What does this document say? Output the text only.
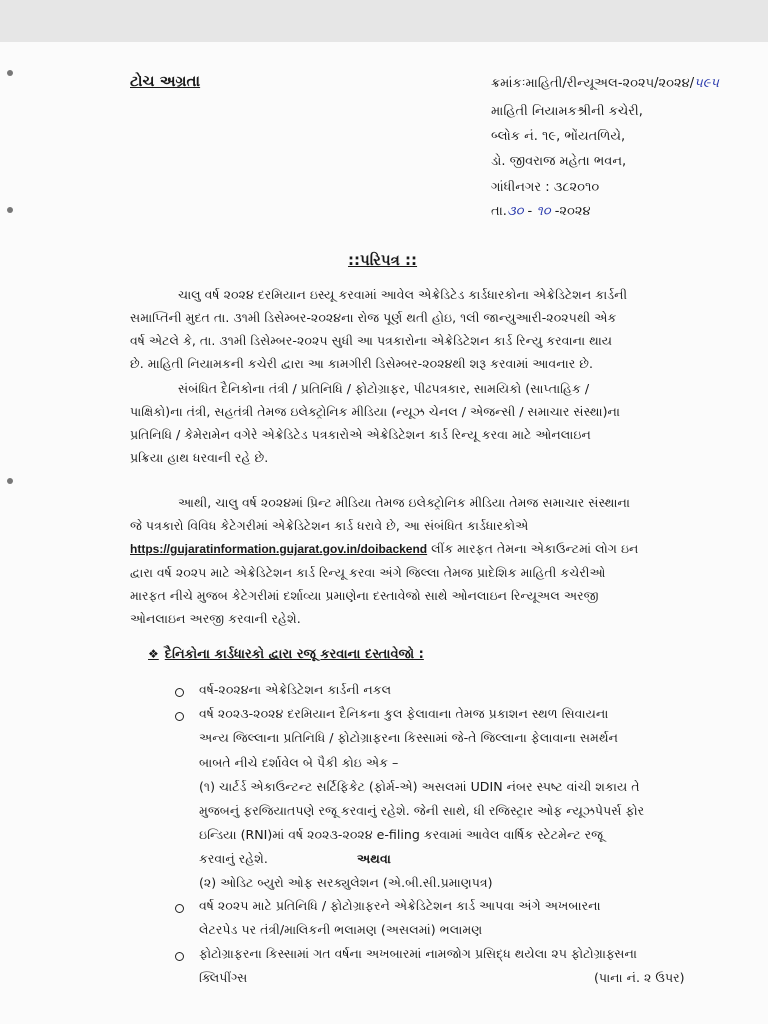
ટોચ અગ્રતા	ક્રમાંકઃમાહિતી/રીન્યૂઅલ-૨૦૨૫/૨૦૨૪/૫૯૫
માહિતી નિયામકશ્રીની કચેરી,
બ્લોક નં. ૧૯, ભોંયતળિયે,
ડો. જીવરાજ મહેતા ભવન,
ગાંધીનગર : ૩૮૨૦૧૦
તા.૩૦ - ૧૦ -૨૦૨૪
::પરિપત્ર ::
ચાલુ વર્ષ ૨૦૨૪ દરમિયાન ઇસ્યૂ કરવામાં આવેલ એક્રેડિટેડ કાર્ડધારકોના એક્રેડિટેશન કાર્ડની
સમાપ્તિની મુદત તા. ૩૧મી ડિસેમ્બર-૨૦૨૪ના રોજ પૂર્ણ થતી હોઇ, ૧લી જાન્યુઆરી-૨૦૨૫થી એક
વર્ષ એટલે કે, તા. ૩૧મી ડિસેમ્બર-૨૦૨૫ સુધી આ પત્રકારોના એક્રેડિટેશન કાર્ડ રિન્યુ કરવાના થાય
છે. માહિતી નિયામકની કચેરી દ્વારા આ કામગીરી ડિસેમ્બર-૨૦૨૪થી શરૂ કરવામાં આવનાર છે.
સંબંધિત દૈનિકોના તંત્રી / પ્રતિનિધિ / ફોટોગ્રાફર, પીઢપત્રકાર, સામયિકો (સાપ્તાહિક /
પાક્ષિકો)ના તંત્રી, સહતંત્રી તેમજ ઇલેક્ટ્રોનિક મીડિયા (ન્યૂઝ ચેનલ / એજન્સી / સમાચાર સંસ્થા)ના
પ્રતિનિધિ / કેમેરામેન વગેરે એક્રેડિટેડ પત્રકારોએ એક્રેડિટેશન કાર્ડ રિન્યૂ કરવા માટે ઓનલાઇન
પ્રક્રિયા હાથ ધરવાની રહે છે.
આથી, ચાલુ વર્ષ ૨૦૨૪માં પ્રિન્ટ મીડિયા તેમજ ઇલેક્ટ્રોનિક મીડિયા તેમજ સમાચાર સંસ્થાના
જે પત્રકારો વિવિધ કેટેગરીમાં એક્રેડિટેશન કાર્ડ ધરાવે છે, આ સંબંધિત કાર્ડધારકોએ
https://gujaratinformation.gujarat.gov.in/doibackend લીંક મારફત તેમના એકાઉન્ટમાં લોગ ઇન
દ્વારા વર્ષ ૨૦૨૫ માટે એક્રેડિટેશન કાર્ડ રિન્યૂ કરવા અંગે જિલ્લા તેમજ પ્રાદેશિક માહિતી કચેરીઓ
મારફત નીચે મુજબ કેટેગરીમાં દર્શાવ્યા પ્રમાણેના દસ્તાવેજો સાથે ઓનલાઇન રિન્યૂઅલ અરજી
ઓનલાઇન અરજી કરવાની રહેશે.
❖ દૈનિકોના કાર્ડધારકો દ્વારા રજૂ કરવાના દસ્તાવેજો :
વર્ષ-૨૦૨૪ના એક્રેડિટેશન કાર્ડની નકલ
વર્ષ ૨૦૨૩-૨૦૨૪ દરમિયાન દૈનિકના કુલ ફેલાવાના તેમજ પ્રકાશન સ્થળ સિવાયના
અન્ય જિલ્લાના પ્રતિનિધિ / ફોટોગ્રાફરના કિસ્સામાં જે-તે જિલ્લાના ફેલાવાના સમર્થન
બાબતે નીચે દર્શાવેલ બે પૈકી કોઇ એક –
(૧) ચાર્ટર્ડ એકાઉન્ટન્ટ સર્ટિફિકેટ (ફોર્મ-એ) અસલમાં UDIN નંબર સ્પષ્ટ વાંચી શકાય તે
મુજબનું ફરજિયાતપણે રજૂ કરવાનું રહેશે. જેની સાથે, ધી રજિસ્ટ્રાર ઓફ ન્યૂઝપેપર્સ ફોર
ઇન્ડિયા (RNI)માં વર્ષ ૨૦૨૩-૨૦૨૪ e-filing કરવામાં આવેલ વાર્ષિક સ્ટેટમેન્ટ રજૂ
કરવાનું રહેશે.	અથવા
(૨) ઓડિટ બ્યુરો ઓફ સરક્યુલેશન (એ.બી.સી.પ્રમાણપત્ર)
વર્ષ ૨૦૨૫ માટે પ્રતિનિધિ / ફોટોગ્રાફરને એક્રેડિટેશન કાર્ડ આપવા અંગે અખબારના
લેટરપેડ પર તંત્રી/માલિકની ભલામણ (અસલમાં) ભલામણ
ફોટોગ્રાફરના કિસ્સામાં ગત વર્ષના અખબારમાં નામજોગ પ્રસિદ્ધ થયેલા ૨૫ ફોટોગ્રાફ્સના
ક્લિપીંગ્સ	(પાના નં. ૨ ઉપર)
